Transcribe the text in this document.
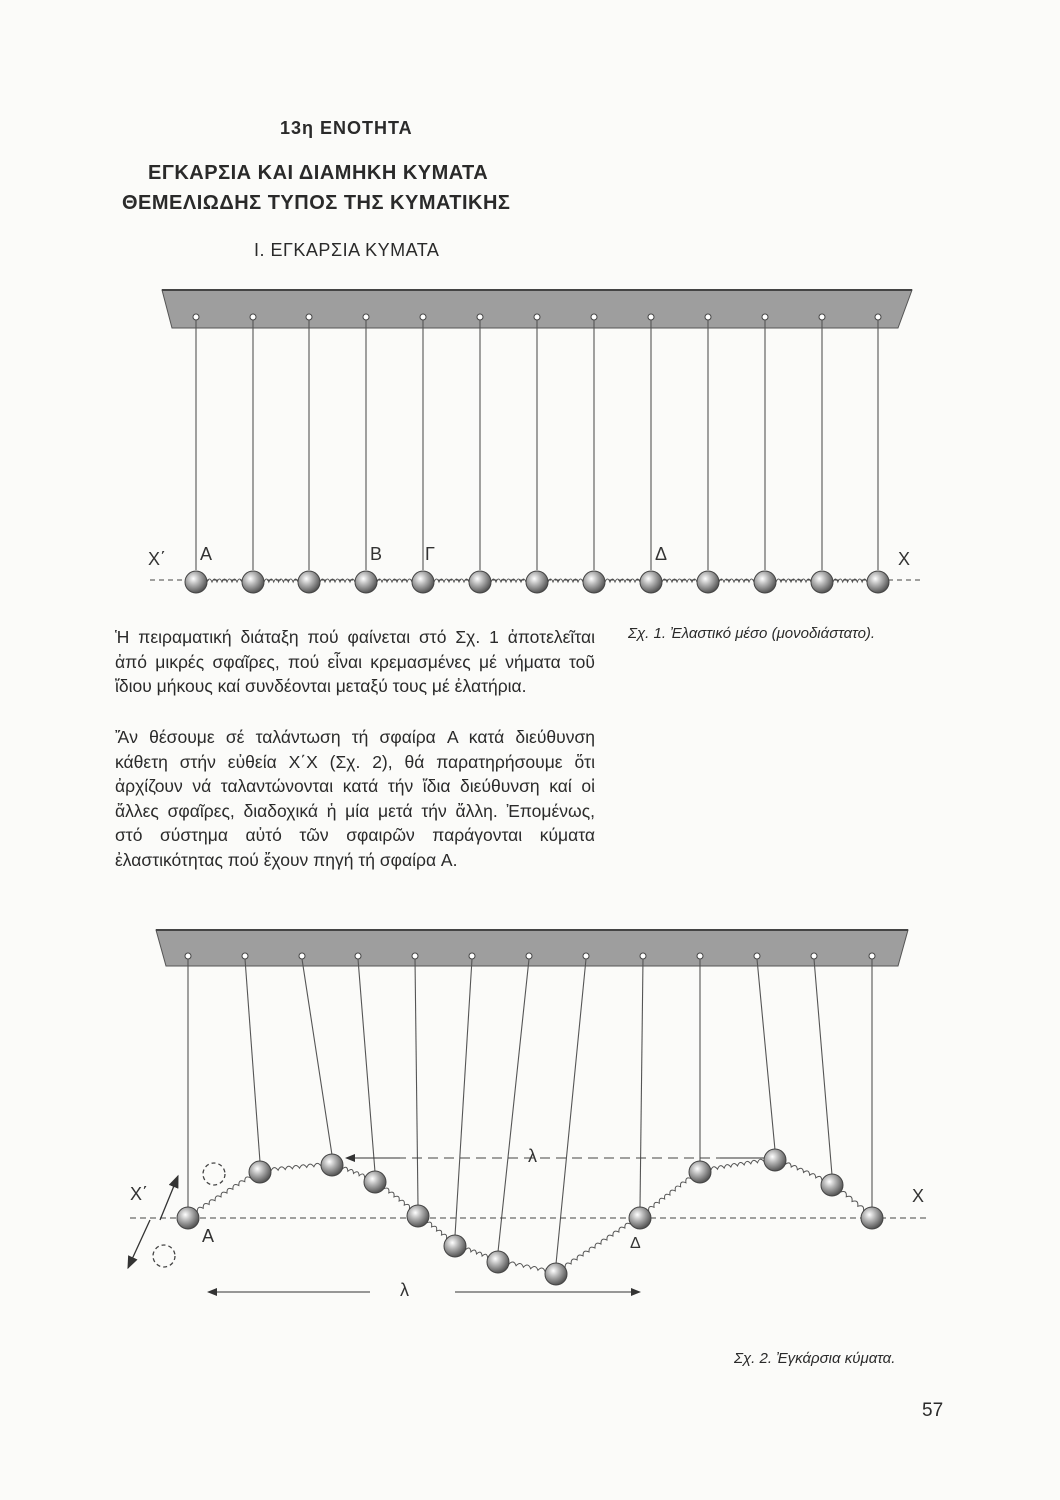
13η ΕΝΟΤΗΤΑ
ΕΓΚΑΡΣΙΑ ΚΑΙ ΔΙΑΜΗΚΗ ΚΥΜΑΤΑ
ΘΕΜΕΛΙΩΔΗΣ ΤΥΠΟΣ ΤΗΣ ΚΥΜΑΤΙΚΗΣ
Ι. ΕΓΚΑΡΣΙΑ ΚΥΜΑΤΑ
X΄ A	B Γ	Δ	X
Σχ. 1. Ἐλαστικό μέσο (μονοδιάστατο).
Ἡ πειραματική διάταξη πού φαίνεται στό Σχ. 1 ἀποτελεῖται ἀπό μικρές σφαῖρες, πού εἶναι κρεμασμένες μέ νήματα τοῦ ἴδιου μήκους καί συνδέονται μεταξύ τους μέ ἐλατήρια.
Ἄν θέσουμε σέ ταλάντωση τή σφαίρα A κατά διεύθυνση κάθετη στήν εὐθεία X΄X (Σχ. 2), θά παρατηρήσουμε ὅτι ἀρχίζουν νά ταλαντώνονται κατά τήν ἴδια διεύθυνση καί οἱ ἄλλες σφαῖρες, διαδοχικά ἡ μία μετά τήν ἄλλη. Ἐπομένως, στό σύστημα αὐτό τῶν σφαιρῶν παράγονται κύματα ἐλαστικότητας πού ἔχουν πηγή τή σφαίρα A.
λ
λ
X΄
A	Δ
X
Σχ. 2. Ἐγκάρσια κύματα.
57
